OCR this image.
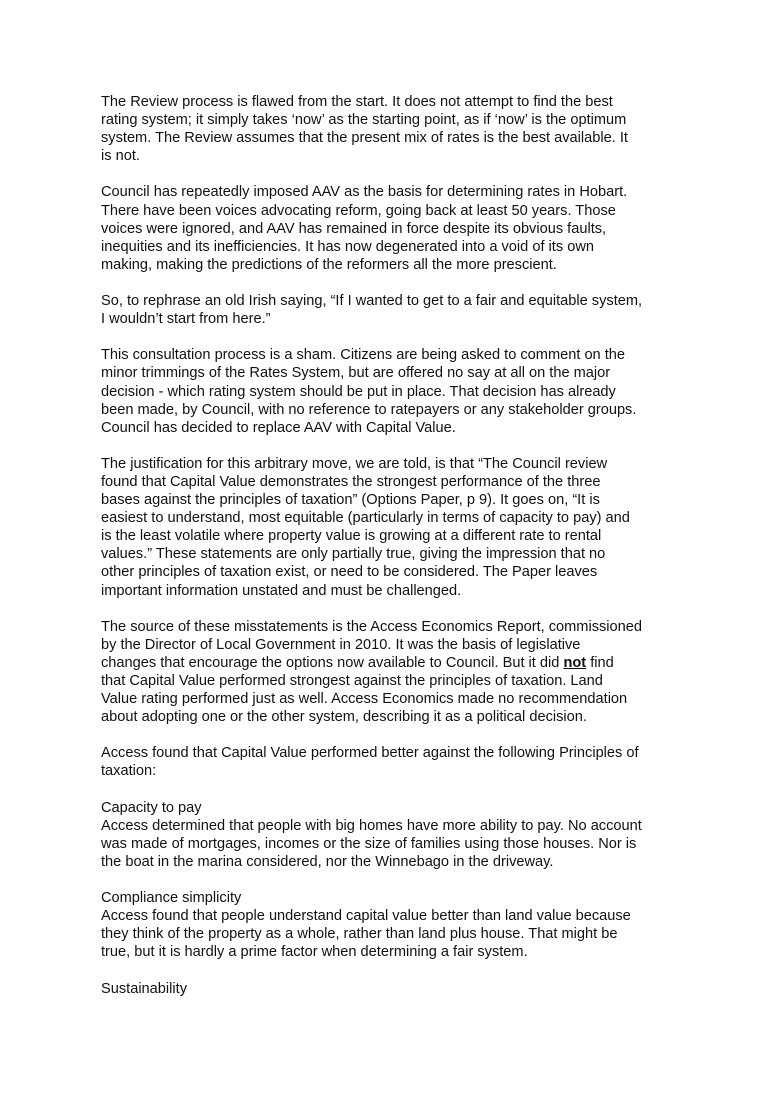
The Review process is flawed from the start. It does not attempt to find the best
rating system; it simply takes ‘now’ as the starting point, as if ‘now’ is the optimum
system. The Review assumes that the present mix of rates is the best available. It
is not.

Council has repeatedly imposed AAV as the basis for determining rates in Hobart.
There have been voices advocating reform, going back at least 50 years. Those
voices were ignored, and AAV has remained in force despite its obvious faults,
inequities and its inefficiencies. It has now degenerated into a void of its own
making, making the predictions of the reformers all the more prescient.

So, to rephrase an old Irish saying, “If I wanted to get to a fair and equitable system,
I wouldn’t start from here.”

This consultation process is a sham. Citizens are being asked to comment on the
minor trimmings of the Rates System, but are offered no say at all on the major
decision - which rating system should be put in place. That decision has already
been made, by Council, with no reference to ratepayers or any stakeholder groups.
Council has decided to replace AAV with Capital Value.

The justification for this arbitrary move, we are told, is that “The Council review
found that Capital Value demonstrates the strongest performance of the three
bases against the principles of taxation” (Options Paper, p 9). It goes on, “It is
easiest to understand, most equitable (particularly in terms of capacity to pay) and
is the least volatile where property value is growing at a different rate to rental
values.” These statements are only partially true, giving the impression that no
other principles of taxation exist, or need to be considered. The Paper leaves
important information unstated and must be challenged.

The source of these misstatements is the Access Economics Report, commissioned
by the Director of Local Government in 2010. It was the basis of legislative
changes that encourage the options now available to Council. But it did not find
that Capital Value performed strongest against the principles of taxation. Land
Value rating performed just as well. Access Economics made no recommendation
about adopting one or the other system, describing it as a political decision.

Access found that Capital Value performed better against the following Principles of
taxation:

Capacity to pay
Access determined that people with big homes have more ability to pay. No account
was made of mortgages, incomes or the size of families using those houses. Nor is
the boat in the marina considered, nor the Winnebago in the driveway.

Compliance simplicity
Access found that people understand capital value better than land value because
they think of the property as a whole, rather than land plus house. That might be
true, but it is hardly a prime factor when determining a fair system.

Sustainability
